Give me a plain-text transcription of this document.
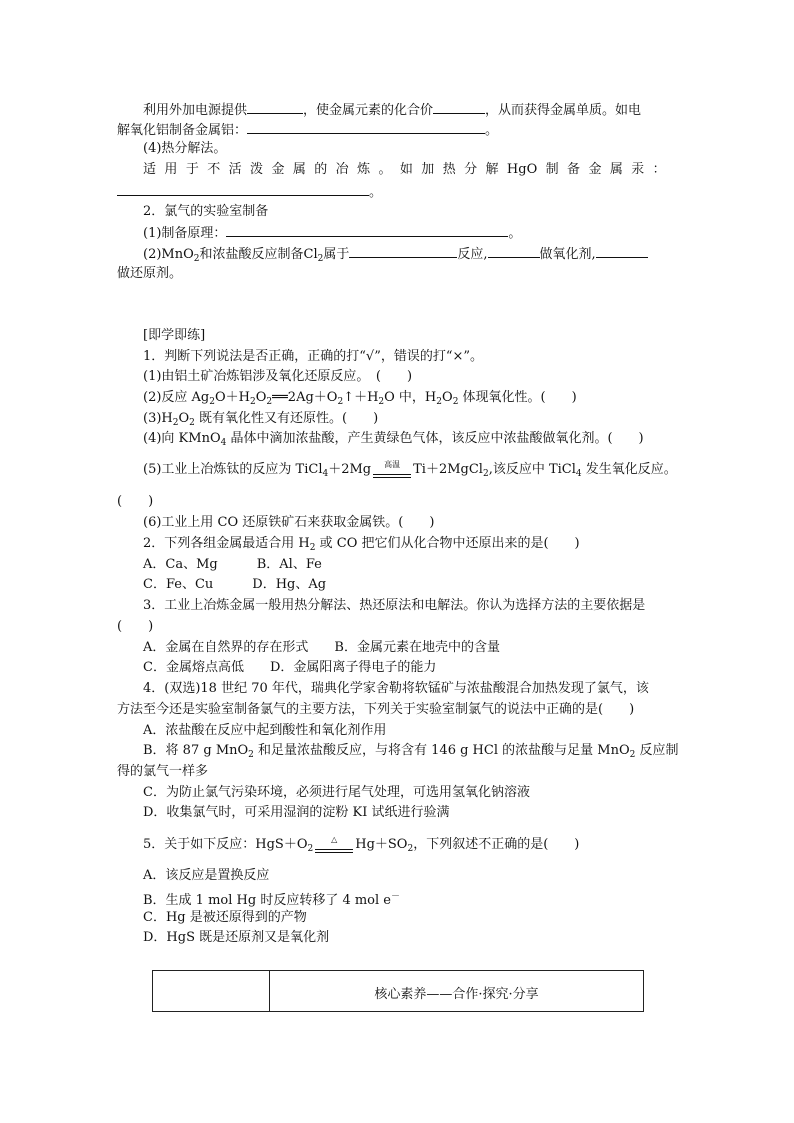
利用外加电源提供	，使金属元素的化合价	，从而获得金属单质。如电
解氧化铝制备金属铝：	。
(4)热分解法。
适 用 于 不 活 泼 金 属 的 冶 炼 。 如 加 热 分 解 HgO 制 备 金 属 汞 ：
。
2．氯气的实验室制备
(1)制备原理：	。
(2)MnO$_2$和浓盐酸反应制备$Cl_2$属于	反应,	做氧化剂,
做还原剂。
[即学即练]
1．判断下列说法是否正确，正确的打“√”，错误的打“×”。
(1)由铝土矿冶炼铝涉及氧化还原反应。　(　　)
(2)反应 $Ag_2O+H_2O_2══2Ag+O_2↑+H_2O$ 中，$H_2O_2$ 体现氧化性。(　　)
$(3)H_2O_2$ 既有氧化性又有还原性。(　　)
(4)向 KMnO$_4$ 晶体中滴加浓盐酸，产生黄绿色气体，该反应中浓盐酸做氧化剂。(　　)
(5)工业上冶炼钛的反应为 TiCl$_4$＋2Mg	高温	Ti＋2MgCl$_2$,该反应中 TiCl$_4$ 发生氧化反应。
(　　)
(6)工业上用 CO 还原铁矿石来获取金属铁。(　　)
2．下列各组金属最适合用 $H_2$ 或 CO 把它们从化合物中还原出来的是(　　)
A．Ca、Mg　　　B．Al、Fe
C．Fe、Cu　　　D．Hg、Ag
3．工业上冶炼金属一般用热分解法、热还原法和电解法。你认为选择方法的主要依据是
(　　)
A．金属在自然界的存在形式　　B．金属元素在地壳中的含量
C．金属熔点高低　　D．金属阳离子得电子的能力
4．(双选)18 世纪 70 年代，瑞典化学家舍勒将软锰矿与浓盐酸混合加热发现了氯气，该
方法至今还是实验室制备氯气的主要方法，下列关于实验室制氯气的说法中正确的是(　　)
A．浓盐酸在反应中起到酸性和氧化剂作用
B．将 87 g MnO$_2$ 和足量浓盐酸反应，与将含有 146 g HCl 的浓盐酸与足量 MnO$_2$ 反应制
得的氯气一样多
C．为防止氯气污染环境，必须进行尾气处理，可选用氢氧化钠溶液
D．收集氯气时，可采用湿润的淀粉 KI 试纸进行验满
5．关于如下反应：$HgS+O_2$
△	$Hg+SO_2$，下列叙述不正确的是(　　)
A．该反应是置换反应
B．生成 1 mol Hg 时反应转移了 4 mol e－
C．Hg 是被还原得到的产物
D．HgS 既是还原剂又是氧化剂
核心素养——合作·探究·分享
